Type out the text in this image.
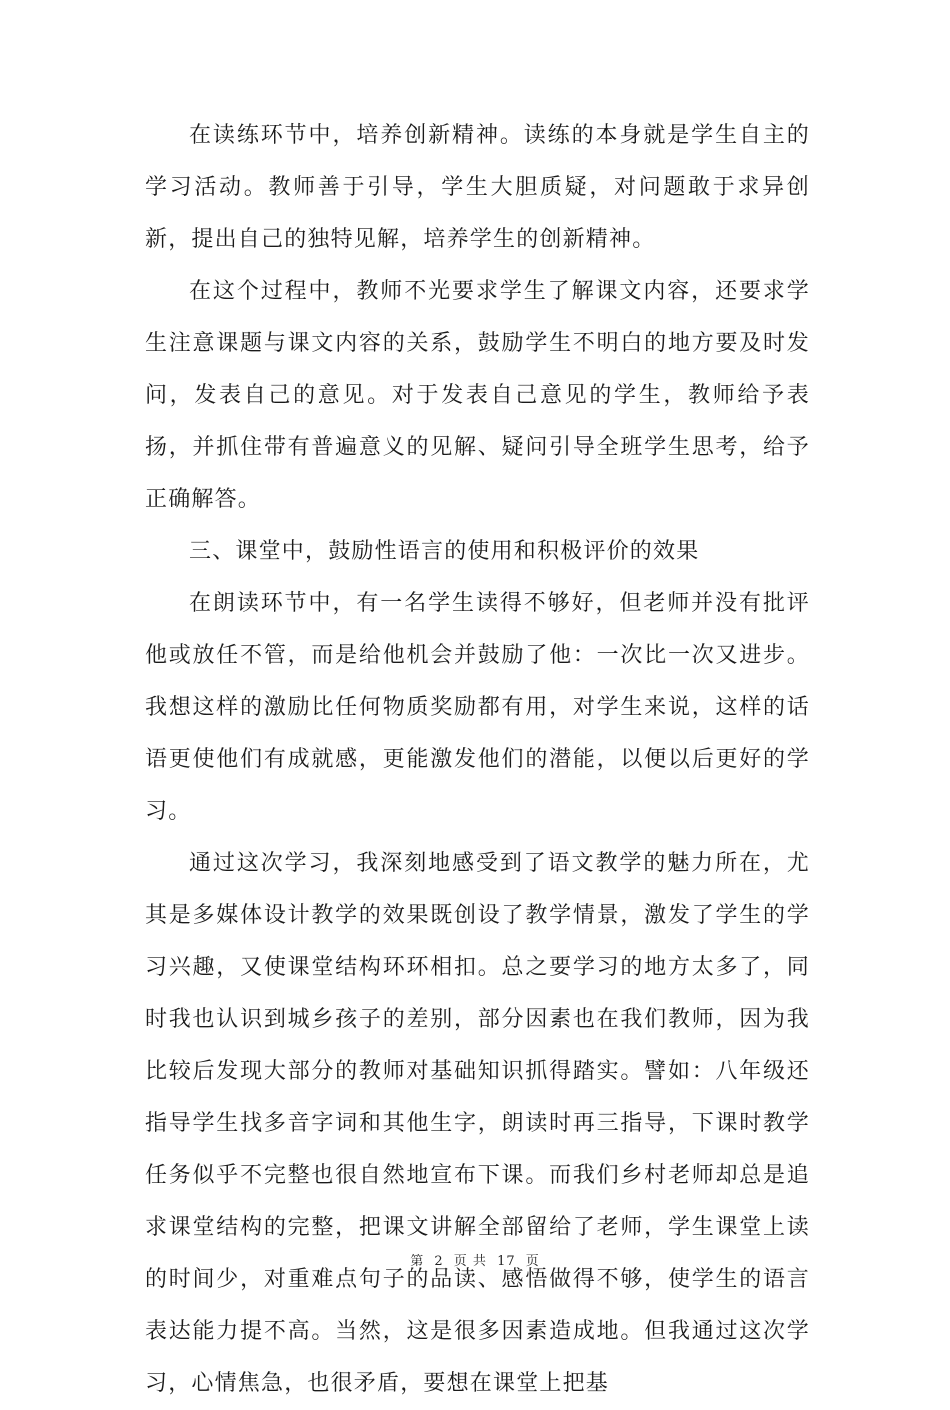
在读练环节中，培养创新精神。读练的本身就是学生自主的学习活动。教师善于引导，学生大胆质疑，对问题敢于求异创新，提出自己的独特见解，培养学生的创新精神。

在这个过程中，教师不光要求学生了解课文内容，还要求学生注意课题与课文内容的关系，鼓励学生不明白的地方要及时发问，发表自己的意见。对于发表自己意见的学生，教师给予表扬，并抓住带有普遍意义的见解、疑问引导全班学生思考，给予正确解答。

三、课堂中，鼓励性语言的使用和积极评价的效果

在朗读环节中，有一名学生读得不够好，但老师并没有批评他或放任不管，而是给他机会并鼓励了他：一次比一次又进步。我想这样的激励比任何物质奖励都有用，对学生来说，这样的话语更使他们有成就感，更能激发他们的潜能，以便以后更好的学习。

通过这次学习，我深刻地感受到了语文教学的魅力所在，尤其是多媒体设计教学的效果既创设了教学情景，激发了学生的学习兴趣，又使课堂结构环环相扣。总之要学习的地方太多了，同时我也认识到城乡孩子的差别，部分因素也在我们教师，因为我比较后发现大部分的教师对基础知识抓得踏实。譬如：八年级还指导学生找多音字词和其他生字，朗读时再三指导，下课时教学任务似乎不完整也很自然地宣布下课。而我们乡村老师却总是追求课堂结构的完整，把课文讲解全部留给了老师，学生课堂上读的时间少，对重难点句子的品读、感悟做得不够，使学生的语言表达能力提不高。当然，这是很多因素造成地。但我通过这次学习，心情焦急，也很矛盾，要想在课堂上把基

第 2 页 共 17 页
